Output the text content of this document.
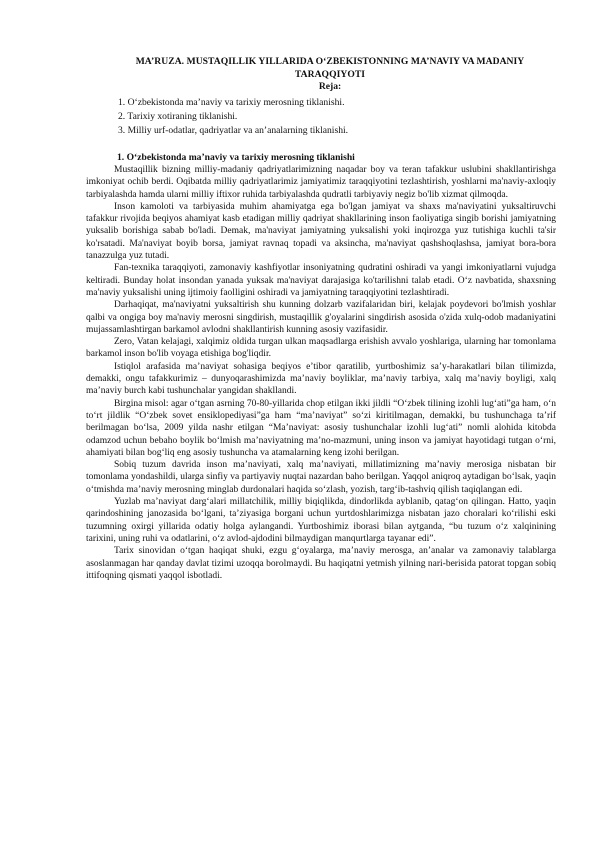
MA’RUZA. MUSTAQILLIK YILLARIDA O‘ZBEKISTONNING MA’NAVIY VA MADANIY TARAQQIYOTI
Reja:
1. O‘zbekistonda ma’naviy va tarixiy merosning tiklanishi.
2. Tarixiy xotiraning tiklanishi.
3. Milliy urf-odatlar, qadriyatlar va an’analarning tiklanishi.
1. O‘zbekistonda ma’naviy va tarixiy merosning tiklanishi

Mustaqillik bizning milliy-madaniy qadriyatlarimizning naqadar boy va teran tafakkur uslubini shakllantirishga imkoniyat ochib berdi. Oqibatda milliy qadriyatlarimiz jamiyatimiz taraqqiyotini tezlashtirish, yoshlarni ma'naviy-axloqiy tarbiyalashda hamda ularni milliy iftixor ruhida tarbiyalashda qudratli tarbiyaviy negiz bo'lib xizmat qilmoqda.

Inson kamoloti va tarbiyasida muhim ahamiyatga ega bo'lgan jamiyat va shaxs ma'naviyatini yuksaltiruvchi tafakkur rivojida beqiyos ahamiyat kasb etadigan milliy qadriyat shakllarining inson faoliyatiga singib borishi jamiyatning yuksalib borishiga sabab bo'ladi. Demak, ma'naviyat jamiyatning yuksalishi yoki inqirozga yuz tutishiga kuchli ta'sir ko'rsatadi. Ma'naviyat boyib borsa, jamiyat ravnaq topadi va aksincha, ma'naviyat qashshoqlashsa, jamiyat bora-bora tanazzulga yuz tutadi.

Fan-texnika taraqqiyoti, zamonaviy kashfiyotlar insoniyatning qudratini oshiradi va yangi imkoniyatlarni vujudga keltiradi. Bunday holat insondan yanada yuksak ma'naviyat darajasiga ko'tarilishni talab etadi. O‘z navbatida, shaxsning ma'naviy yuksalishi uning ijtimoiy faolligini oshiradi va jamiyatning taraqqiyotini tezlashtiradi.

Darhaqiqat, ma'naviyatni yuksaltirish shu kunning dolzarb vazifalaridan biri, kelajak poydevori bo'lmish yoshlar qalbi va ongiga boy ma'naviy merosni singdirish, mustaqillik g'oyalarini singdirish asosida o'zida xulq-odob madaniyatini mujassamlashtirgan barkamol avlodni shakllantirish kunning asosiy vazifasidir.

Zero, Vatan kelajagi, xalqimiz oldida turgan ulkan maqsadlarga erishish avvalo yoshlariga, ularning har tomonlama barkamol inson bo'lib voyaga etishiga bog'liqdir.

Istiqlol arafasida ma’naviyat sohasiga beqiyos e’tibor qaratilib, yurtboshimiz sa’y-harakatlari bilan tilimizda, demakki, ongu tafakkurimiz – dunyoqarashimizda ma’naviy boyliklar, ma’naviy tarbiya, xalq ma’naviy boyligi, xalq ma’naviy burch kabi tushunchalar yangidan shakllandi.

Birgina misol: agar o‘tgan asrning 70-80-yillarida chop etilgan ikki jildli “O‘zbek tilining izohli lug‘ati”ga ham, o‘n to‘rt jildlik “O‘zbek sovet ensiklopediyasi”ga ham “ma’naviyat” so‘zi kiritilmagan, demakki, bu tushunchaga ta’rif berilmagan bo‘lsa, 2009 yilda nashr etilgan “Ma’naviyat: asosiy tushunchalar izohli lug‘ati” nomli alohida kitobda odamzod uchun bebaho boylik bo‘lmish ma’naviyatning ma’no-mazmuni, uning inson va jamiyat hayotidagi tutgan o‘rni, ahamiyati bilan bog‘liq eng asosiy tushuncha va atamalarning keng izohi berilgan.

Sobiq tuzum davrida inson ma’naviyati, xalq ma’naviyati, millatimizning ma’naviy merosiga nisbatan bir tomonlama yondashildi, ularga sinfiy va partiyaviy nuqtai nazardan baho berilgan. Yaqqol aniqroq aytadigan bo‘lsak, yaqin o‘tmishda ma’naviy merosning minglab durdonalari haqida so‘zlash, yozish, targ‘ib-tashviq qilish taqiqlangan edi.

Yuzlab ma’naviyat darg‘alari millatchilik, milliy biqiqlikda, dindorlikda ayblanib, qatag‘on qilingan. Hatto, yaqin qarindoshining janozasida bo‘lgani, ta’ziyasiga borgani uchun yurtdoshlarimizga nisbatan jazo choralari ko‘rilishi eski tuzumning oxirgi yillarida odatiy holga aylangandi. Yurtboshimiz iborasi bilan aytganda, “bu tuzum o‘z xalqinining tarixini, uning ruhi va odatlarini, o‘z avlod-ajdodini bilmaydigan manqurtlarga tayanar edi”.

Tarix sinovidan o‘tgan haqiqat shuki, ezgu g‘oyalarga, ma’naviy merosga, an’analar va zamonaviy talablarga asoslanmagan har qanday davlat tizimi uzoqqa borolmaydi. Bu haqiqatni yetmish yilning nari-berisida patorat topgan sobiq ittifoqning qismati yaqqol isbotladi.
